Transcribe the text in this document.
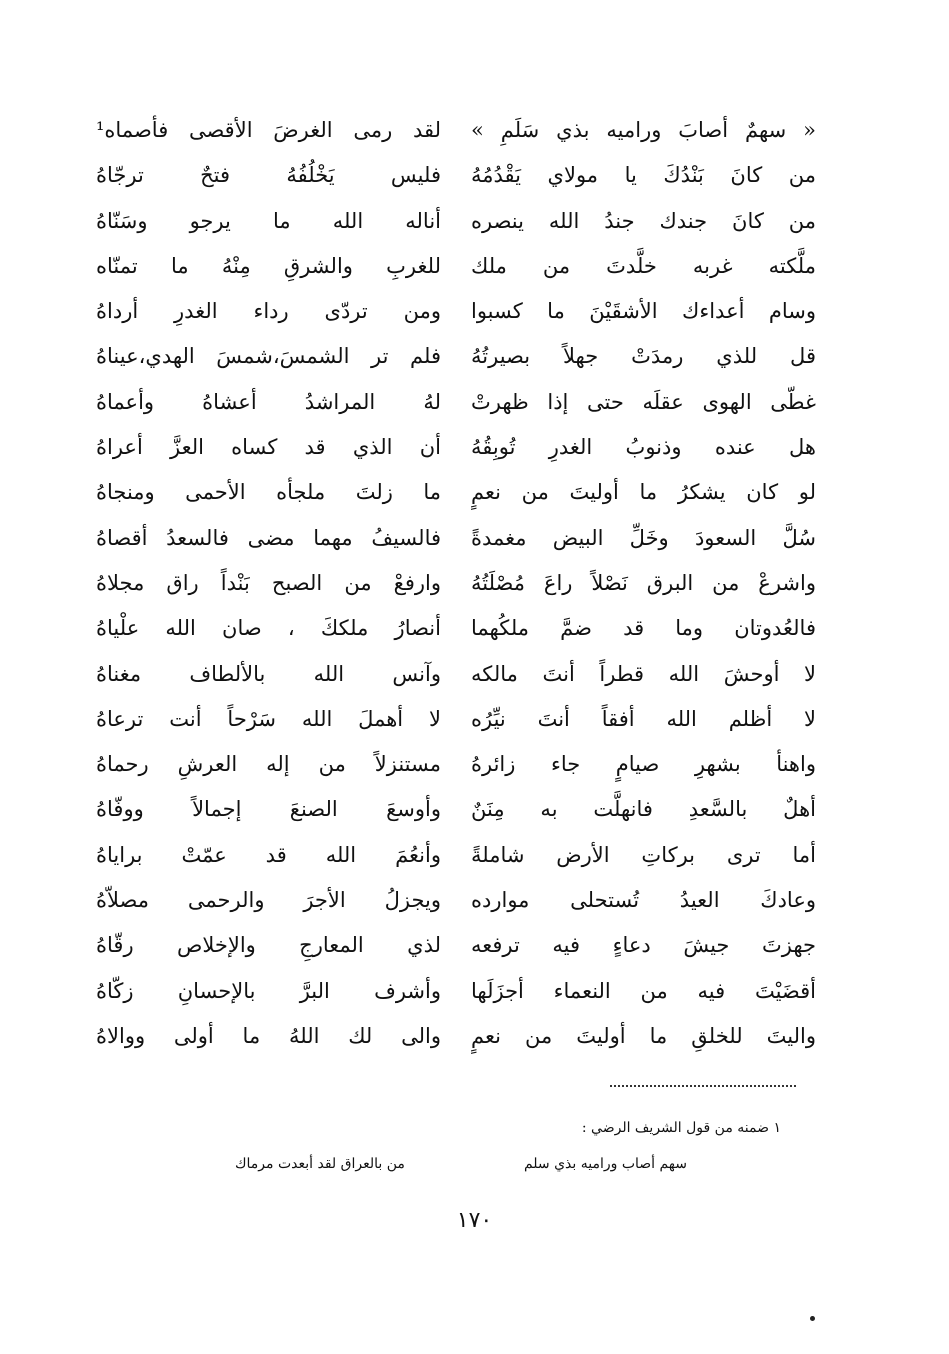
« سهمٌ أصابَ وراميه بذي سَلَمِ »
من كانَ بَنْدُكَ يا مولاي يَقْدُمُهُ
من كانَ جندك جندُ الله ينصره
ملَّكته غربه خلَّدتَ من ملك
وسام أعداءك الأشقَيْنَ ما كسبوا
قل للذي رمدَتْ جهلاً بصيرتُهُ
غطّى الهوى عقلَه حتى إذا ظهرتْ
هل عنده وذنوبُ الغدرِ تُوبِقُهُ
لو كان يشكرُ ما أوليتَ من نعمٍ
سُلَّ السعودَ وخَلِّ البيض مغمدةً
واشرعْ من البرق نَصْلاً راعَ مُصْلَتُهُ
فالعُدوتان وما قد ضمَّ ملكُهما
لا أوحشَ الله قطراً أنتَ مالكه
لا أظلم الله أفقاً أنتَ نيِّرُه
واهنأ بشهرِ صيامٍ جاء زائرهُ
أهلٌ بالسَّعدِ فانهلَّت به مِنَنٌ
أما ترى بركاتِ الأرض شاملةً
وعادكَ العيدُ تُستحلى موارده
جهزتَ جيشَ دعاءٍ فيه ترفعه
أقضَيْتَ فيه من النعماء أجزَلَها
واليتَ للخلقِ ما أوليتَ من نعمٍ
لقد رمى الغرضَ الأقصى فأصماه¹
فليس يَخْلُفُهُ فتحٌ ترجّاهُ
أناله الله ما يرجو وسَنّاهُ
للغربِ والشرقِ مِنْهُ ما تمنّاه
ومن تردّى رداء الغدرِ أرداهُ
فلم تر الشمسَ،شمسَ الهدي،عيناهُ
لهُ المراشدُ أعشاهُ وأعماهُ
أن الذي قد كساه العزَّ أعراهُ
ما زلتَ ملجأه الأحمى ومنجاهُ
فالسيفُ مهما مضى فالسعدُ أقصاهُ
وارفعْ من الصبح بَنْداً راق مجلاهُ
أنصارُ ملككَ ، صان الله علْياهُ
وآنس الله بالألطاف مغناهُ
لا أهملَ الله سَرْحاً أنت ترعاهُ
مستنزلاً من إله العرشِ رحماهُ
وأوسعَ الصنعَ إجمالاً ووفّاهُ
وأنعُمَ الله قد عمّتْ براياهُ
ويجزلُ الأجرَ والرحمى مصلاّهُ
لذي المعارجِ والإخلاص رقّاهُ
وأشرف البرَّ بالإحسانِ زكّاهُ
والى لك اللهُ ما أولى ووالاهُ
١ ضمنه من قول الشريف الرضي :
سهم أصاب وراميه بذي سلم
من بالعراق لقد أبعدت مرماك
١٧٠
